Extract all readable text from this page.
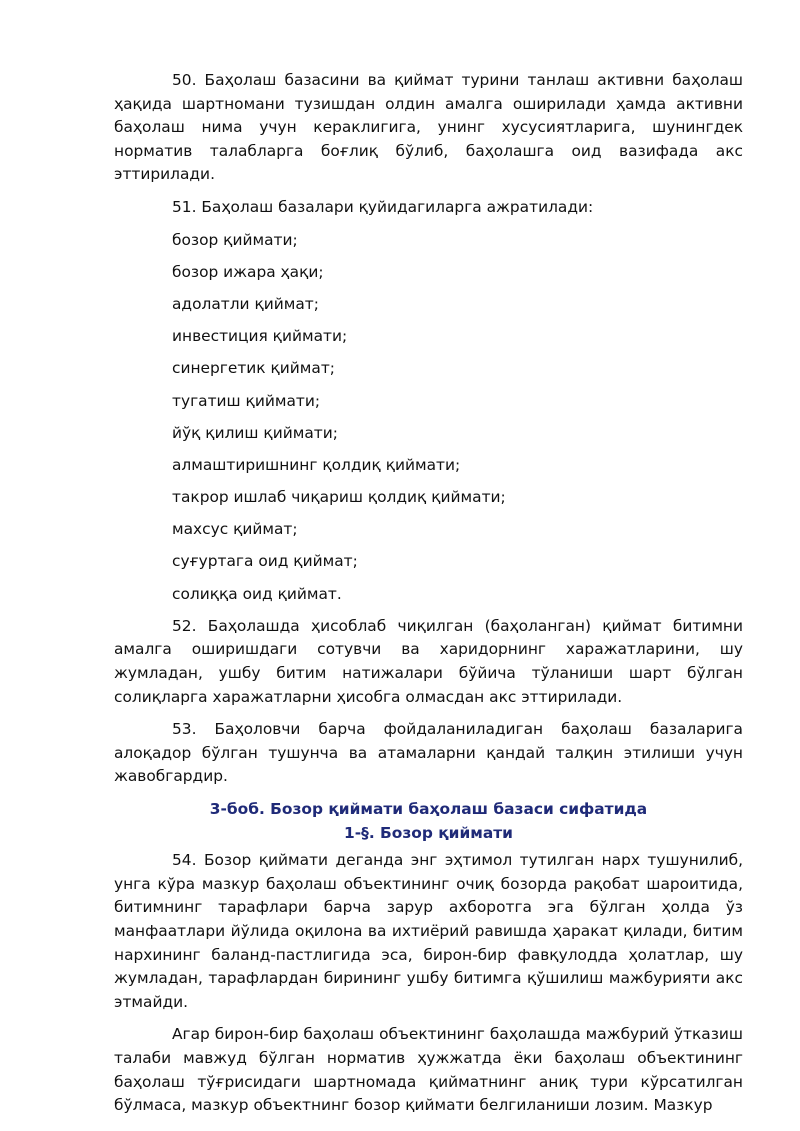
50. Баҳолаш базасини ва қиймат турини танлаш активни баҳолаш ҳақида шартномани тузишдан олдин амалга оширилади ҳамда активни баҳолаш нима учун кераклигига, унинг хусусиятларига, шунингдек норматив талабларга боғлиқ бўлиб, баҳолашга оид вазифада акс эттирилади.

51. Баҳолаш базалари қуйидагиларга ажратилади:

бозор қиймати;

бозор ижара ҳақи;

адолатли қиймат;

инвестиция қиймати;

синергетик қиймат;

тугатиш қиймати;

йўқ қилиш қиймати;

алмаштиришнинг қолдиқ қиймати;

такрор ишлаб чиқариш қолдиқ қиймати;

махсус қиймат;

суғуртага оид қиймат;

солиққа оид қиймат.

52. Баҳолашда ҳисоблаб чиқилган (баҳоланган) қиймат битимни амалга оширишдаги сотувчи ва харидорнинг харажатларини, шу жумладан, ушбу битим натижалари бўйича тўланиши шарт бўлган солиқларга харажатларни ҳисобга олмасдан акс эттирилади.

53. Баҳоловчи барча фойдаланиладиган баҳолаш базаларига алоқадор бўлган тушунча ва атамаларни қандай талқин этилиши учун жавобгардир.

3-боб. Бозор қиймати баҳолаш базаси сифатида
1-§. Бозор қиймати

54. Бозор қиймати деганда энг эҳтимол тутилган нарх тушунилиб, унга кўра мазкур баҳолаш объектининг очиқ бозорда рақобат шароитида, битимнинг тарафлари барча зарур ахборотга эга бўлган ҳолда ўз манфаатлари йўлида оқилона ва ихтиёрий равишда ҳаракат қилади, битим нархининг баланд-пастлигида эса, бирон-бир фавқулодда ҳолатлар, шу жумладан, тарафлардан бирининг ушбу битимга қўшилиш мажбурияти акс этмайди.

Агар бирон-бир баҳолаш объектининг баҳолашда мажбурий ўтказиш талаби мавжуд бўлган норматив ҳужжатда ёки баҳолаш объектининг баҳолаш тўғрисидаги шартномада қийматнинг аниқ тури кўрсатилган бўлмаса, мазкур объектнинг бозор қиймати белгиланиши лозим. Мазкур
